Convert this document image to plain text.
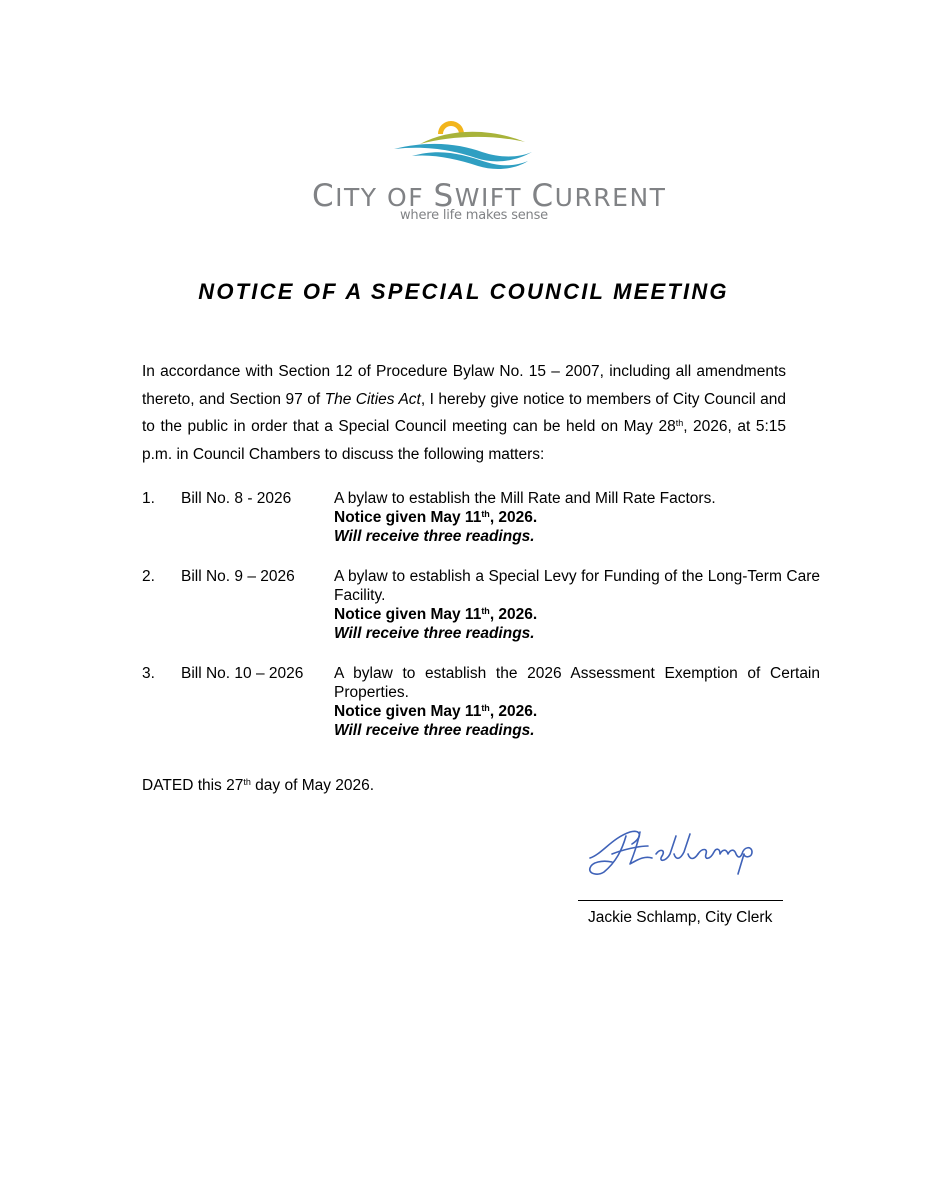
CITY OF SWIFT CURRENT
where life makes sense
NOTICE OF A SPECIAL COUNCIL MEETING
In accordance with Section 12 of Procedure Bylaw No. 15 – 2007, including all amendments thereto, and Section 97 of The Cities Act, I hereby give notice to members of City Council and to the public in order that a Special Council meeting can be held on May 28th, 2026, at 5:15 p.m. in Council Chambers to discuss the following matters:
1. Bill No. 8 - 2026	A bylaw to establish the Mill Rate and Mill Rate Factors.
Notice given May 11th, 2026.
Will receive three readings.
2. Bill No. 9 – 2026	A bylaw to establish a Special Levy for Funding of the Long-Term Care Facility.
Notice given May 11th, 2026.
Will receive three readings.
3. Bill No. 10 – 2026 A bylaw to establish the 2026 Assessment Exemption of Certain Properties.
Notice given May 11th, 2026.
Will receive three readings.
DATED this 27th day of May 2026.
Jackie Schlamp, City Clerk
